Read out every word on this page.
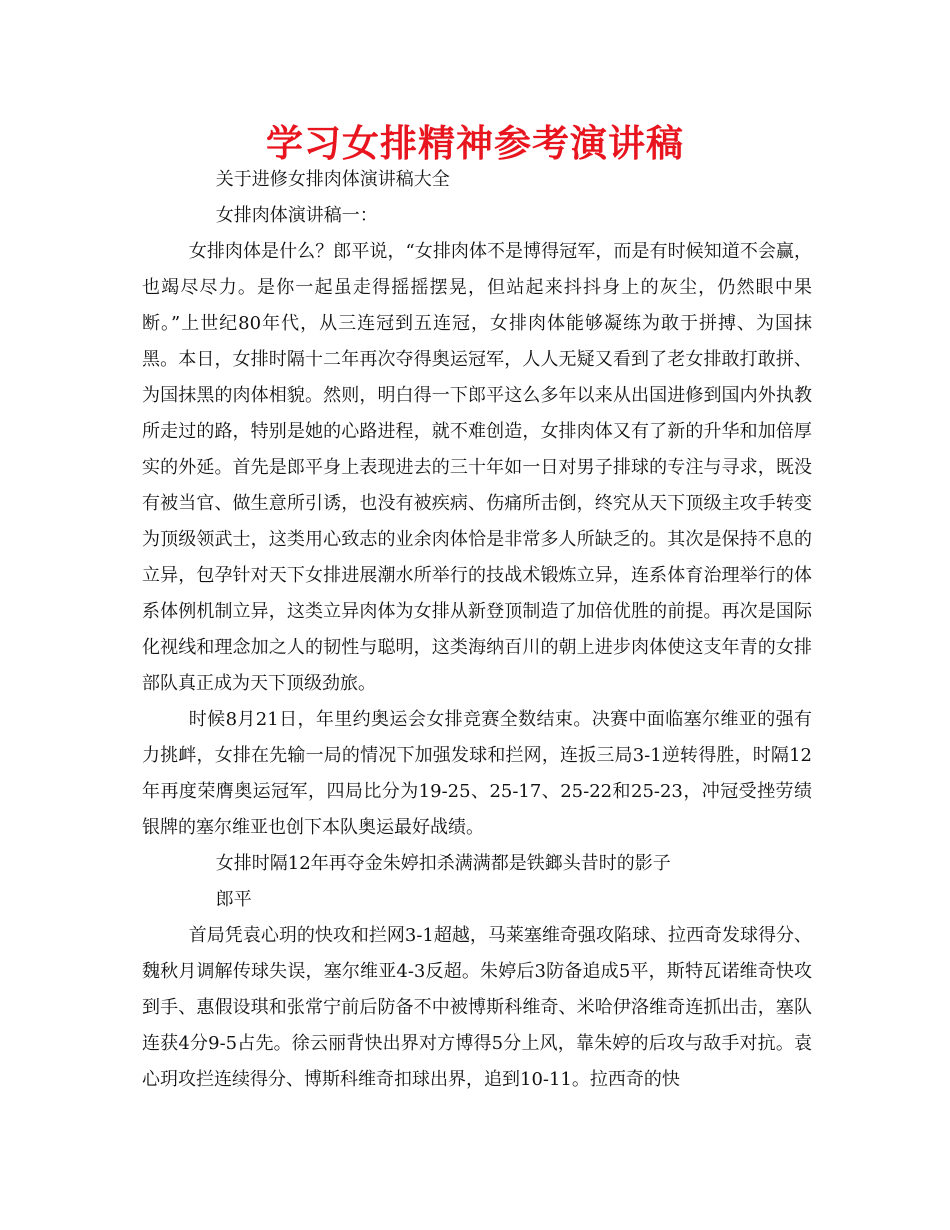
学习女排精神参考演讲稿

关于进修女排肉体演讲稿大全

女排肉体演讲稿一：

女排肉体是什么？郎平说，“女排肉体不是博得冠军，而是有时候知道不会赢，也竭尽尽力。是你一起虽走得摇摇摆晃，但站起来抖抖身上的灰尘，仍然眼中果断。”上世纪80年代，从三连冠到五连冠，女排肉体能够凝练为敢于拼搏、为国抹黑。本日，女排时隔十二年再次夺得奥运冠军，人人无疑又看到了老女排敢打敢拼、为国抹黑的肉体相貌。然则，明白得一下郎平这么多年以来从出国进修到国内外执教所走过的路，特别是她的心路进程，就不难创造，女排肉体又有了新的升华和加倍厚实的外延。首先是郎平身上表现进去的三十年如一日对男子排球的专注与寻求，既没有被当官、做生意所引诱，也没有被疾病、伤痛所击倒，终究从天下顶级主攻手转变为顶级领武士，这类用心致志的业余肉体恰是非常多人所缺乏的。其次是保持不息的立异，包孕针对天下女排进展潮水所举行的技战术锻炼立异，连系体育治理举行的体系体例机制立异，这类立异肉体为女排从新登顶制造了加倍优胜的前提。再次是国际化视线和理念加之人的韧性与聪明，这类海纳百川的朝上进步肉体使这支年青的女排部队真正成为天下顶级劲旅。

时候8月21日，年里约奥运会女排竞赛全数结束。决赛中面临塞尔维亚的强有力挑衅，女排在先输一局的情况下加强发球和拦网，连扳三局3-1逆转得胜，时隔12年再度荣膺奥运冠军，四局比分为19-25、25-17、25-22和25-23，冲冠受挫劳绩银牌的塞尔维亚也创下本队奥运最好战绩。

女排时隔12年再夺金朱婷扣杀满满都是铁鎯头昔时的影子

郎平

首局凭袁心玥的快攻和拦网3-1超越，马莱塞维奇强攻陷球、拉西奇发球得分、魏秋月调解传球失误，塞尔维亚4-3反超。朱婷后3防备追成5平，斯特瓦诺维奇快攻到手、惠假设琪和张常宁前后防备不中被博斯科维奇、米哈伊洛维奇连抓出击，塞队连获4分9-5占先。徐云丽背快出界对方博得5分上风，靠朱婷的后攻与敌手对抗。袁心玥攻拦连续得分、博斯科维奇扣球出界，追到10-11。拉西奇的快
